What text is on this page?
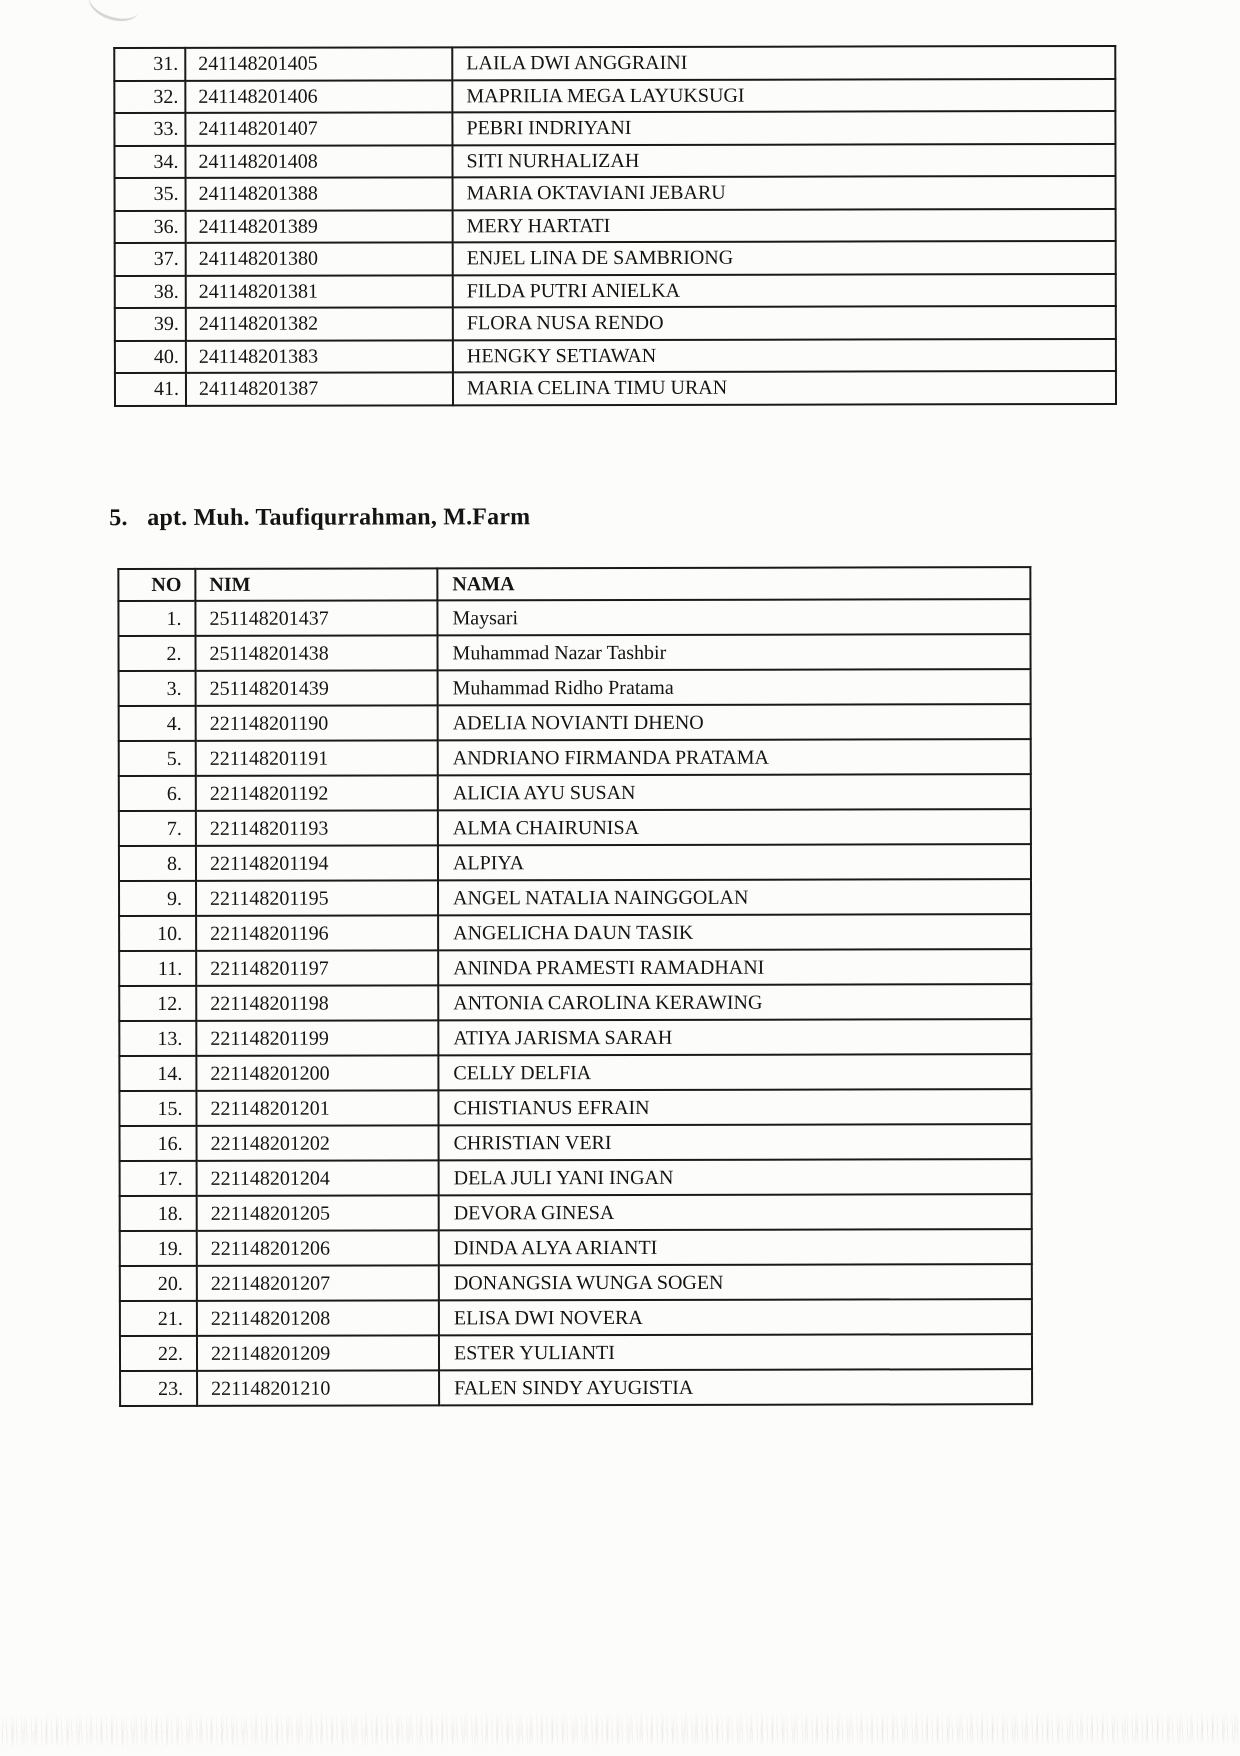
31.	241148201405	LAILA DWI ANGGRAINI
32.	241148201406	MAPRILIA MEGA LAYUKSUGI
33.	241148201407	PEBRI INDRIYANI
34.	241148201408	SITI NURHALIZAH
35.	241148201388	MARIA OKTAVIANI JEBARU
36.	241148201389	MERY HARTATI
37.	241148201380	ENJEL LINA DE SAMBRIONG
38.	241148201381	FILDA PUTRI ANIELKA
39.	241148201382	FLORA NUSA RENDO
40.	241148201383	HENGKY SETIAWAN
41.	241148201387	MARIA CELINA TIMU URAN
5. apt. Muh. Taufiqurrahman, M.Farm
NO	NIM	NAMA
1.	251148201437	Maysari
2.	251148201438	Muhammad Nazar Tashbir
3.	251148201439	Muhammad Ridho Pratama
4.	221148201190	ADELIA NOVIANTI DHENO
5.	221148201191	ANDRIANO FIRMANDA PRATAMA
6.	221148201192	ALICIA AYU SUSAN
7.	221148201193	ALMA CHAIRUNISA
8.	221148201194	ALPIYA
9.	221148201195	ANGEL NATALIA NAINGGOLAN
10.	221148201196	ANGELICHA DAUN TASIK
11.	221148201197	ANINDA PRAMESTI RAMADHANI
12.	221148201198	ANTONIA CAROLINA KERAWING
13.	221148201199	ATIYA JARISMA SARAH
14.	221148201200	CELLY DELFIA
15.	221148201201	CHISTIANUS EFRAIN
16.	221148201202	CHRISTIAN VERI
17.	221148201204	DELA JULI YANI INGAN
18.	221148201205	DEVORA GINESA
19.	221148201206	DINDA ALYA ARIANTI
20.	221148201207	DONANGSIA WUNGA SOGEN
21.	221148201208	ELISA DWI NOVERA
22.	221148201209	ESTER YULIANTI
23.	221148201210	FALEN SINDY AYUGISTIA
